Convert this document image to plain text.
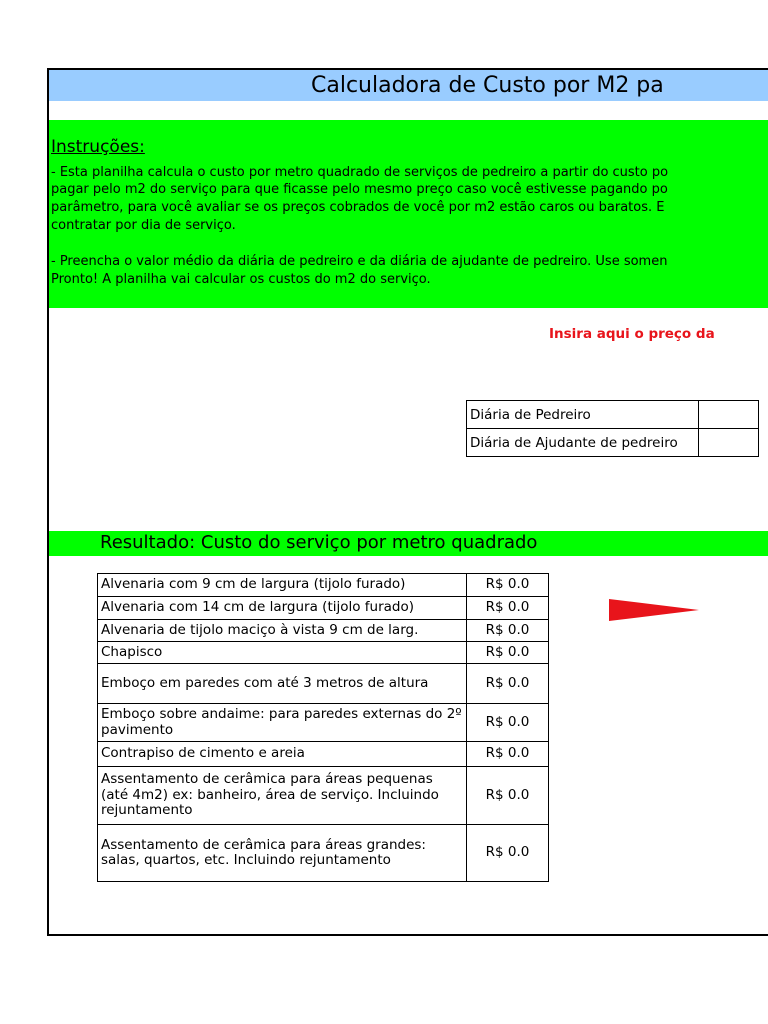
Calculadora de Custo por M2 pa
Instruções:
- Esta planilha calcula o custo por metro quadrado de serviços de pedreiro a partir do custo po
pagar pelo m2 do serviço para que ficasse pelo mesmo preço caso você estivesse pagando po
parâmetro, para você avaliar se os preços cobrados de você por m2 estão caros ou baratos. E
contratar por dia de serviço.
- Preencha o valor médio da diária de pedreiro e da diária de ajudante de pedreiro. Use somen
Pronto! A planilha vai calcular os custos do m2 do serviço.
Insira aqui o preço da
Diária de Pedreiro	
Diária de Ajudante de pedreiro	
Resultado: Custo do serviço por metro quadrado
Alvenaria com 9 cm de largura (tijolo furado)	R$ 0.0
Alvenaria com 14 cm de largura (tijolo furado)	R$ 0.0
Alvenaria de tijolo maciço à vista 9 cm de larg.	R$ 0.0
Chapisco	R$ 0.0
Emboço em paredes com até 3 metros de altura	R$ 0.0
Emboço sobre andaime: para paredes externas do 2º pavimento	R$ 0.0
Contrapiso de cimento e areia	R$ 0.0
Assentamento de cerâmica para áreas pequenas (até 4m2) ex: banheiro, área de serviço. Incluindo rejuntamento	R$ 0.0
Assentamento de cerâmica para áreas grandes: salas, quartos, etc. Incluindo rejuntamento	R$ 0.0
